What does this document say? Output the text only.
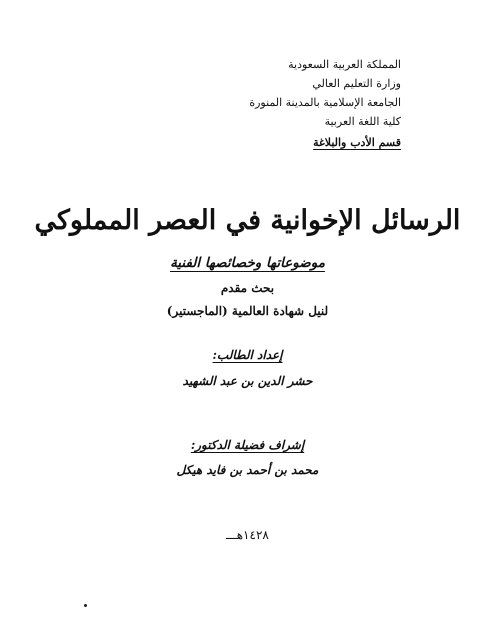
المملكة العربية السعودية
وزارة التعليم العالي
الجامعة الإسلامية بالمدينة المنورة
كلية اللغة العربية
قسم الأدب والبلاغة
الرسائل الإخوانية في العصر المملوكي
موضوعاتها وخصائصها الفنية
بحث مقدم
لنيل شهادة العالمية (الماجستير)
إعداد الطالب:
حشر الدين بن عبد الشهيد
إشراف فضيلة الدكتور:
محمد بن أحمد بن فايد هيكل
١٤٢٨هـــ
